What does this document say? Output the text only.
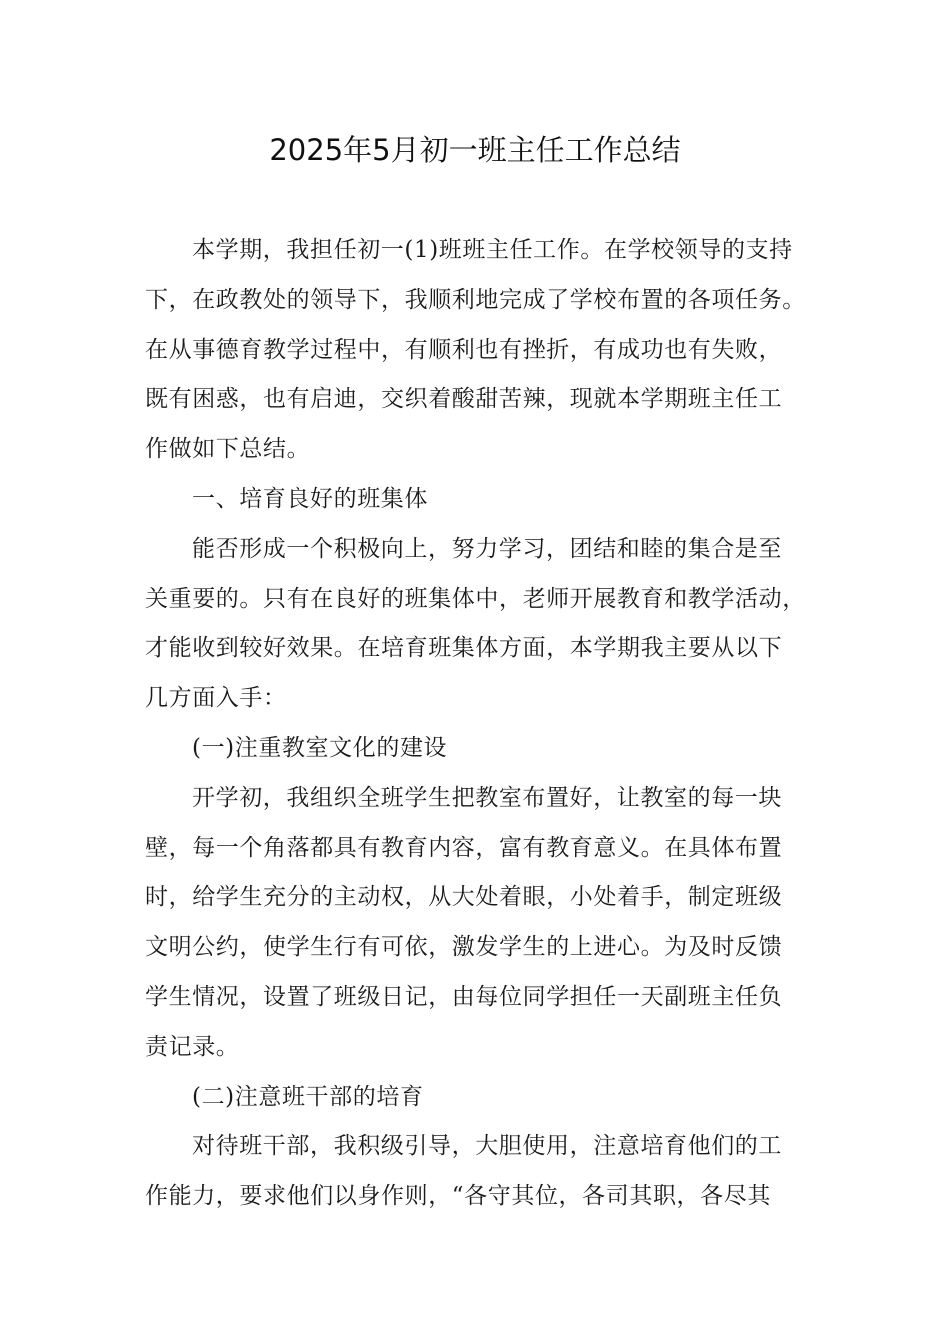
2025年5月初一班主任工作总结
本学期，我担任初一(1)班班主任工作。在学校领导的支持
下，在政教处的领导下，我顺利地完成了学校布置的各项任务。
在从事德育教学过程中，有顺利也有挫折，有成功也有失败，
既有困惑，也有启迪，交织着酸甜苦辣，现就本学期班主任工
作做如下总结。
一、培育良好的班集体
能否形成一个积极向上，努力学习，团结和睦的集合是至
关重要的。只有在良好的班集体中，老师开展教育和教学活动，
才能收到较好效果。在培育班集体方面，本学期我主要从以下
几方面入手：
(一)注重教室文化的建设
开学初，我组织全班学生把教室布置好，让教室的每一块
壁，每一个角落都具有教育内容，富有教育意义。在具体布置
时，给学生充分的主动权，从大处着眼，小处着手，制定班级
文明公约，使学生行有可依，激发学生的上进心。为及时反馈
学生情况，设置了班级日记，由每位同学担任一天副班主任负
责记录。
(二)注意班干部的培育
对待班干部，我积级引导，大胆使用，注意培育他们的工
作能力，要求他们以身作则，“各守其位，各司其职，各尽其
